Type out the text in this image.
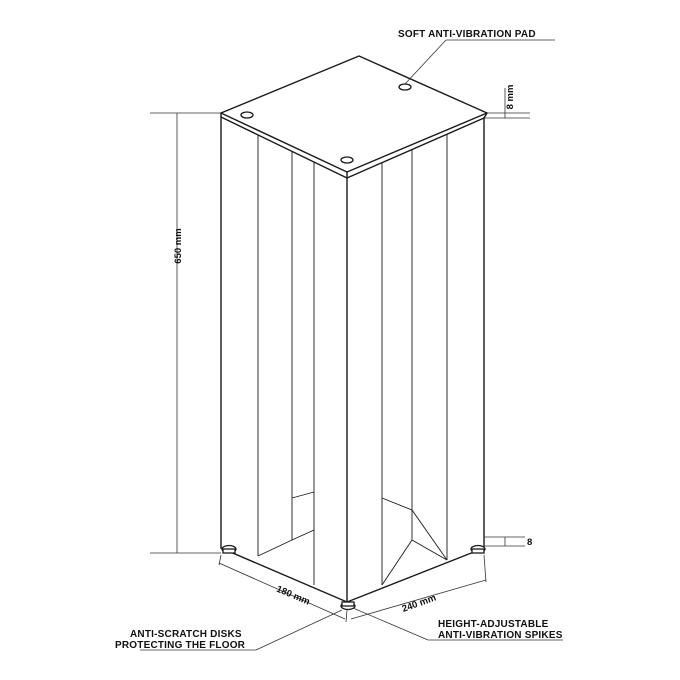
650 mm
8 mm
8
180 mm	240 mm
SOFT ANTI-VIBRATION PAD
ANTI-SCRATCH DISKS
PROTECTING THE FLOOR
HEIGHT-ADJUSTABLE
ANTI-VIBRATION SPIKES
